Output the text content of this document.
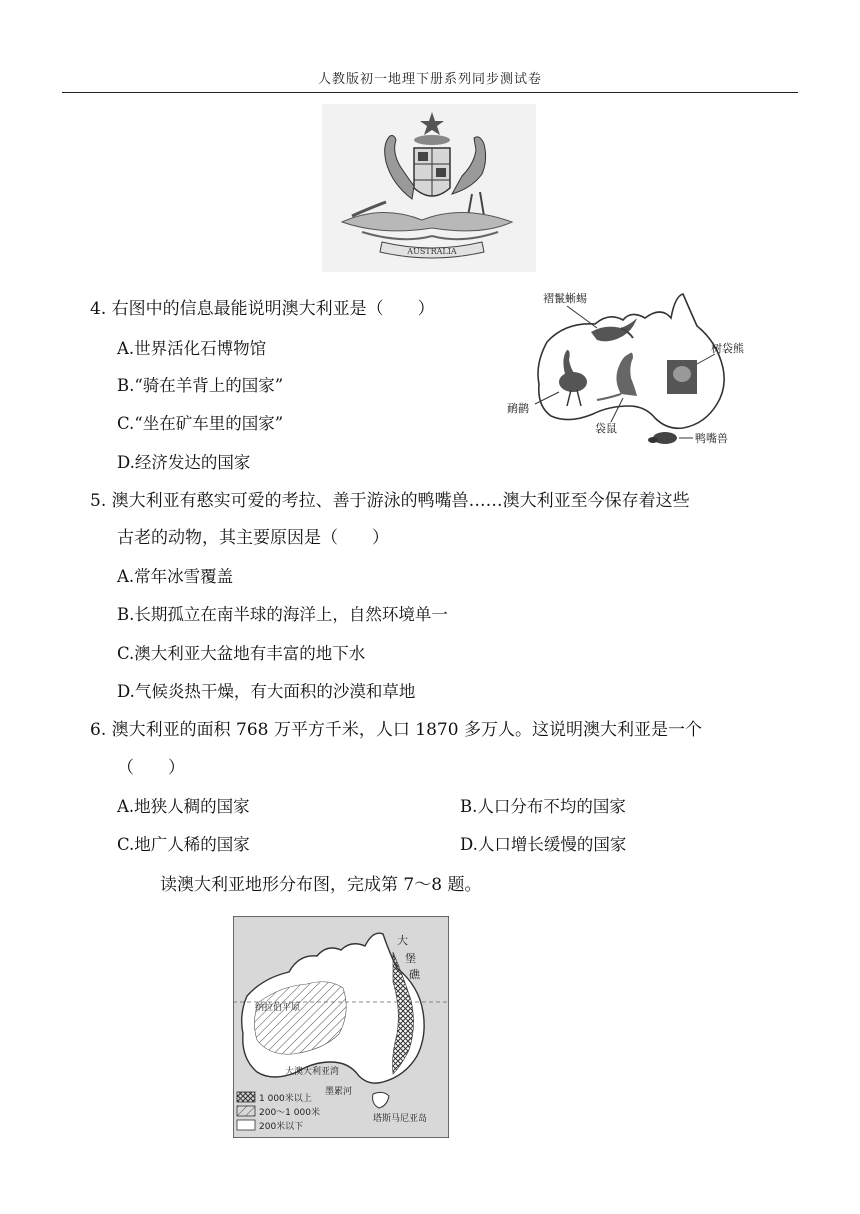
人教版初一地理下册系列同步测试卷
AUSTRALIA
4. 右图中的信息最能说明澳大利亚是（　　）
A.世界活化石博物馆
B.“骑在羊背上的国家”
C.“坐在矿车里的国家”
D.经济发达的国家
褶鬣蜥蜴
树袋熊
鸸鹋
袋鼠
鸭嘴兽
5. 澳大利亚有憨实可爱的考拉、善于游泳的鸭嘴兽……澳大利亚至今保存着这些
古老的动物，其主要原因是（　　）
A.常年冰雪覆盖
B.长期孤立在南半球的海洋上，自然环境单一
C.澳大利亚大盆地有丰富的地下水
D.气候炎热干燥，有大面积的沙漠和草地
6. 澳大利亚的面积 768 万平方千米，人口 1870 多万人。这说明澳大利亚是一个
（　　）
A.地狭人稠的国家	B.人口分布不均的国家
C.地广人稀的国家	D.人口增长缓慢的国家
读澳大利亚地形分布图，完成第 7～8 题。
大
堡
礁
纳拉伯平原
大澳大利亚湾
墨累河
塔斯马尼亚岛
1 000米以上
200～1 000米
200米以下
